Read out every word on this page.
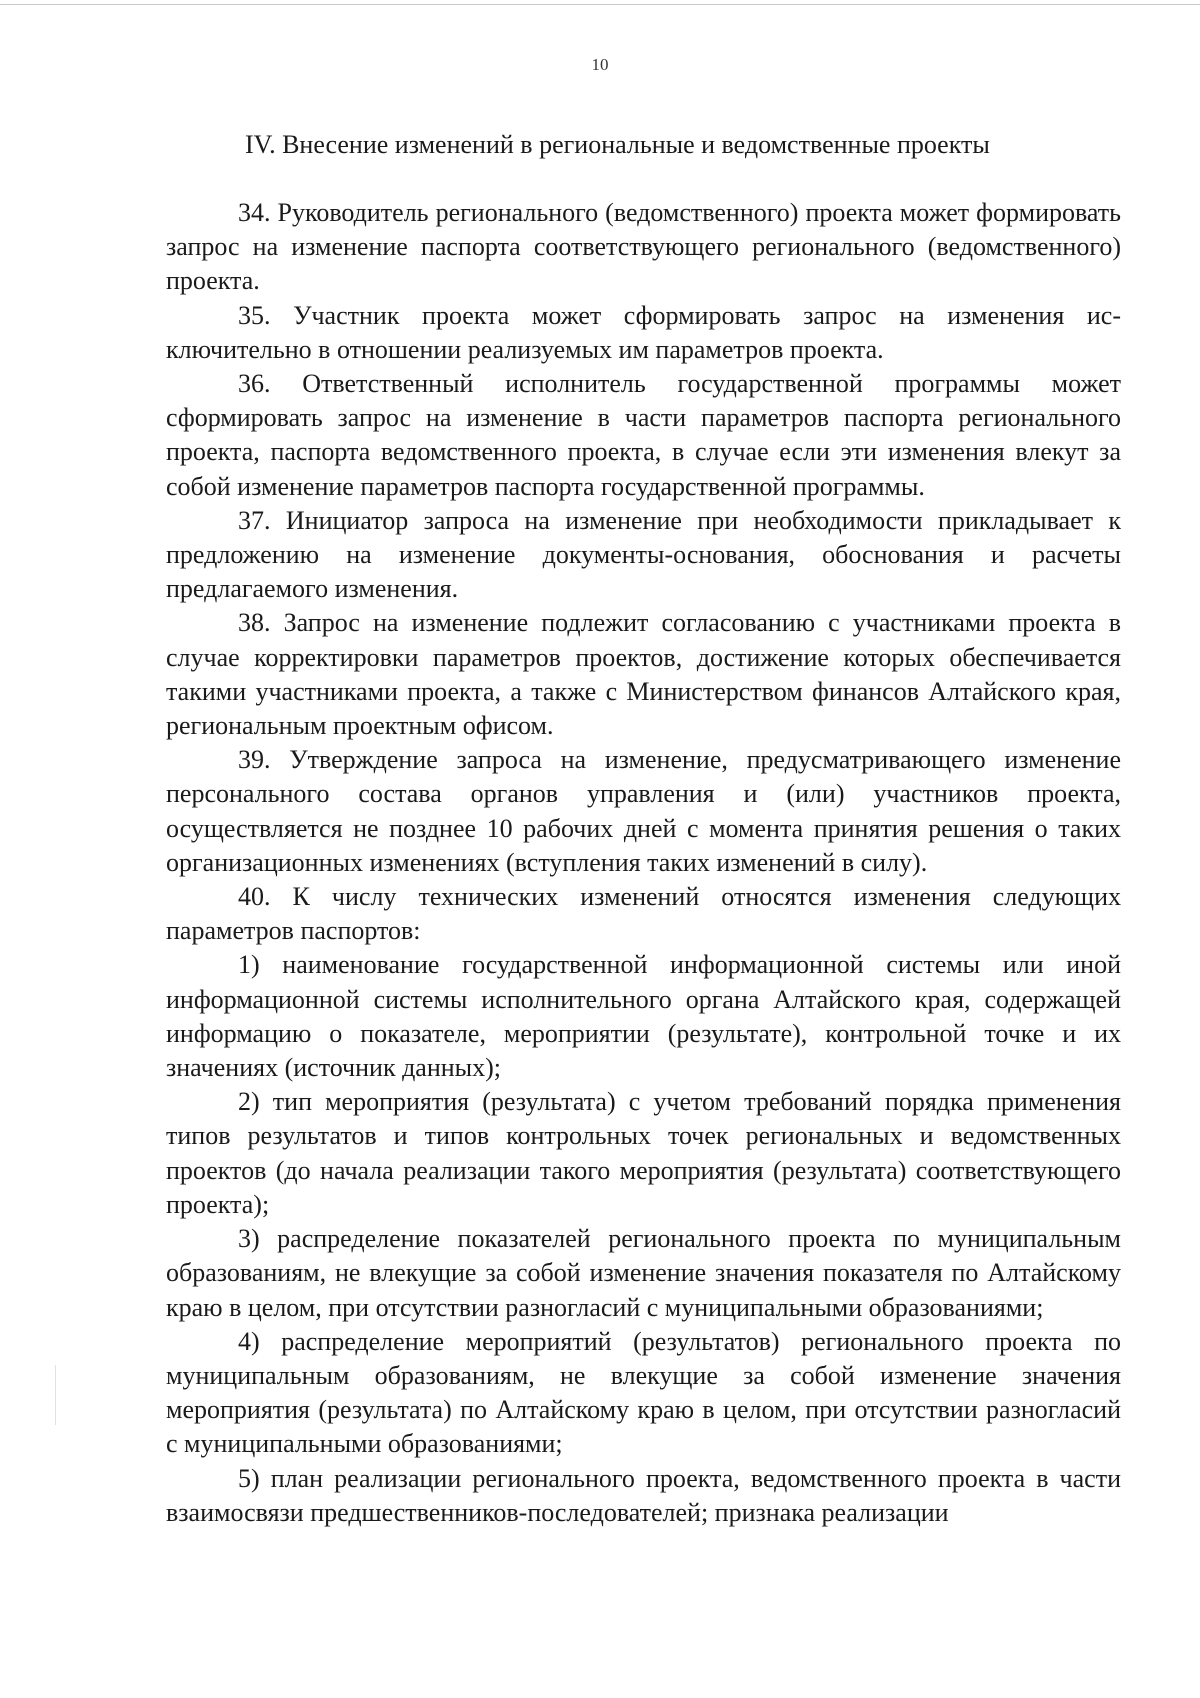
10
IV. Внесение изменений в региональные и ведомственные проекты

34. Руководитель регионального (ведомственного) проекта может формировать запрос на изменение паспорта соответствующего регионального (ведомственного) проекта.

35. Участник проекта может сформировать запрос на изменения исключительно в отношении реализуемых им параметров проекта.

36. Ответственный исполнитель государственной программы может сформировать запрос на изменение в части параметров паспорта регионального проекта, паспорта ведомственного проекта, в случае если эти изменения влекут за собой изменение параметров паспорта государственной программы.

37. Инициатор запроса на изменение при необходимости прикладывает к предложению на изменение документы-основания, обоснования и расчеты предлагаемого изменения.

38. Запрос на изменение подлежит согласованию с участниками проекта в случае корректировки параметров проектов, достижение которых обеспечивается такими участниками проекта, а также с Министерством финансов Алтайского края, региональным проектным офисом.

39. Утверждение запроса на изменение, предусматривающего изменение персонального состава органов управления и (или) участников проекта, осуществляется не позднее 10 рабочих дней с момента принятия решения о таких организационных изменениях (вступления таких изменений в силу).

40. К числу технических изменений относятся изменения следующих параметров паспортов:

1) наименование государственной информационной системы или иной информационной системы исполнительного органа Алтайского края, содержащей информацию о показателе, мероприятии (результате), контрольной точке и их значениях (источник данных);

2) тип мероприятия (результата) с учетом требований порядка применения типов результатов и типов контрольных точек региональных и ведомственных проектов (до начала реализации такого мероприятия (результата) соответствующего проекта);

3) распределение показателей регионального проекта по муниципальным образованиям, не влекущие за собой изменение значения показателя по Алтайскому краю в целом, при отсутствии разногласий с муниципальными образованиями;

4) распределение мероприятий (результатов) регионального проекта по муниципальным образованиям, не влекущие за собой изменение значения мероприятия (результата) по Алтайскому краю в целом, при отсутствии разногласий с муниципальными образованиями;

5) план реализации регионального проекта, ведомственного проекта в части взаимосвязи предшественников-последователей; признака реализации
